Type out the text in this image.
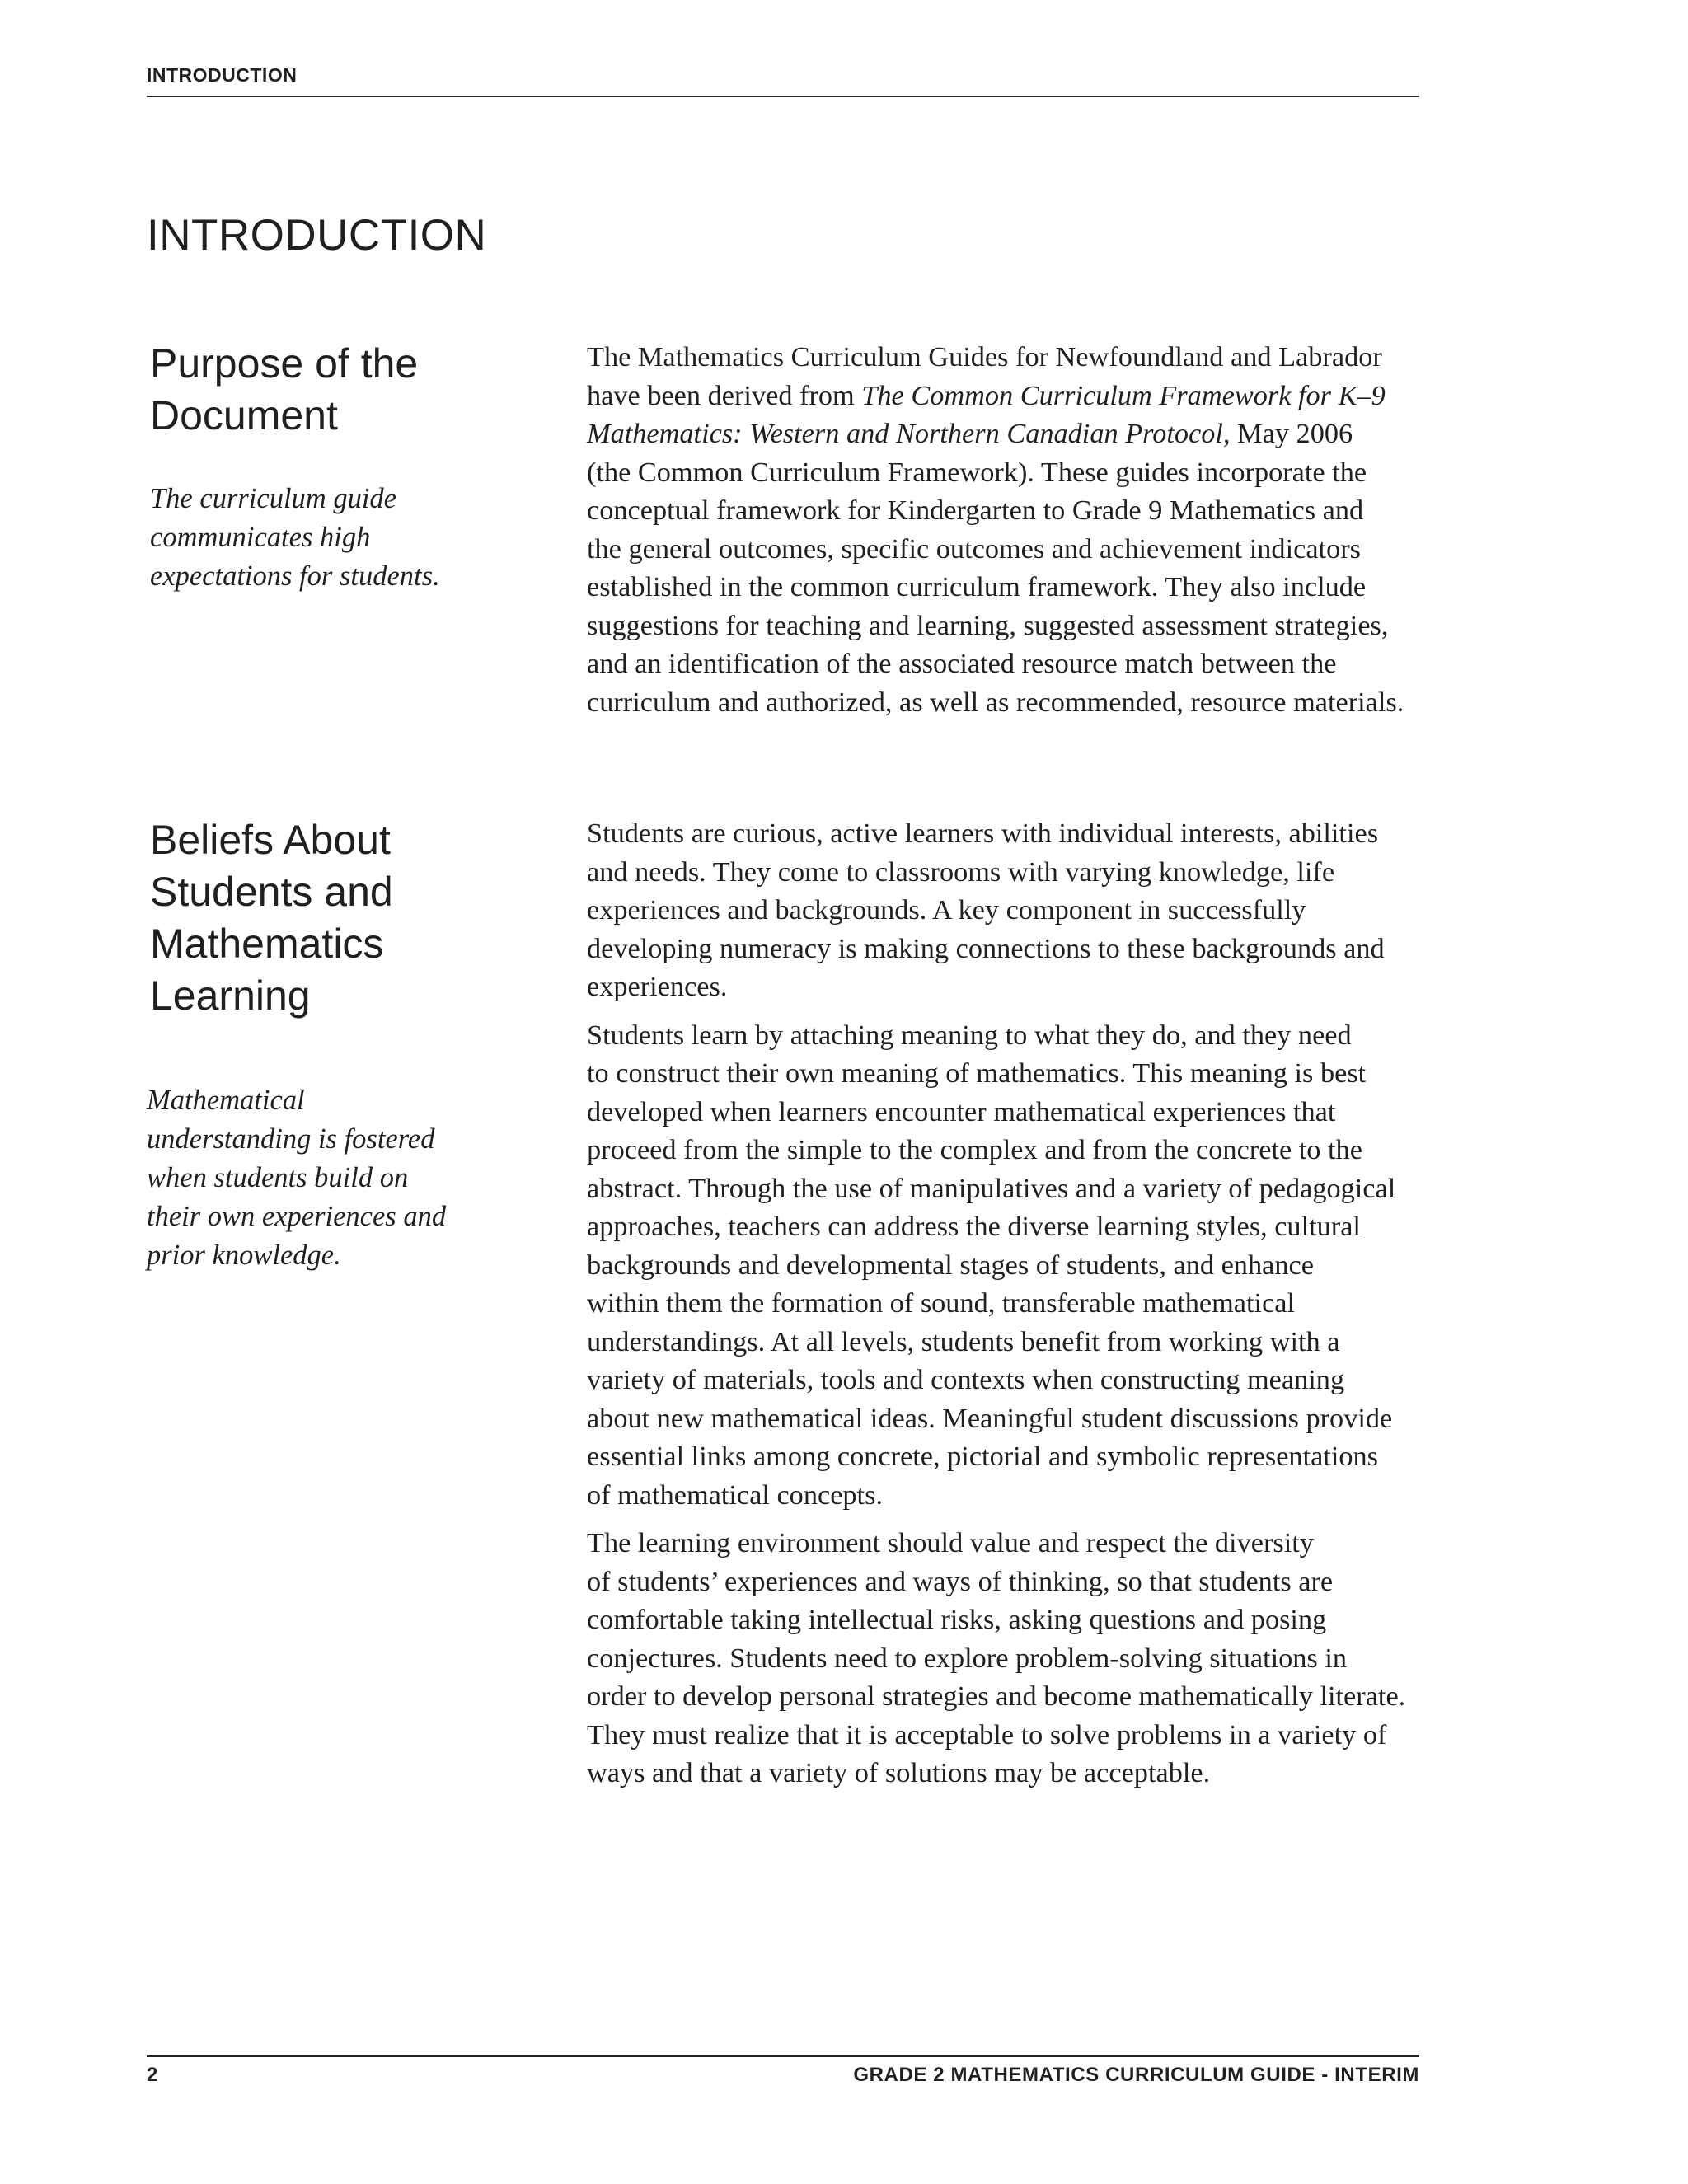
INTRODUCTION
INTRODUCTION
Purpose of the
Document

The curriculum guide
communicates high
expectations for students.

The Mathematics Curriculum Guides for Newfoundland and Labrador
have been derived from The Common Curriculum Framework for K–9
Mathematics: Western and Northern Canadian Protocol, May 2006
(the Common Curriculum Framework). These guides incorporate the
conceptual framework for Kindergarten to Grade 9 Mathematics and
the general outcomes, specific outcomes and achievement indicators
established in the common curriculum framework. They also include
suggestions for teaching and learning, suggested assessment strategies,
and an identification of the associated resource match between the
curriculum and authorized, as well as recommended, resource materials.

Beliefs About
Students and
Mathematics
Learning

Mathematical
understanding is fostered
when students build on
their own experiences and
prior knowledge.

Students are curious, active learners with individual interests, abilities
and needs. They come to classrooms with varying knowledge, life
experiences and backgrounds. A key component in successfully
developing numeracy is making connections to these backgrounds and
experiences.

Students learn by attaching meaning to what they do, and they need
to construct their own meaning of mathematics. This meaning is best
developed when learners encounter mathematical experiences that
proceed from the simple to the complex and from the concrete to the
abstract. Through the use of manipulatives and a variety of pedagogical
approaches, teachers can address the diverse learning styles, cultural
backgrounds and developmental stages of students, and enhance
within them the formation of sound, transferable mathematical
understandings. At all levels, students benefit from working with a
variety of materials, tools and contexts when constructing meaning
about new mathematical ideas. Meaningful student discussions provide
essential links among concrete, pictorial and symbolic representations
of mathematical concepts.

The learning environment should value and respect the diversity
of students’ experiences and ways of thinking, so that students are
comfortable taking intellectual risks, asking questions and posing
conjectures. Students need to explore problem-solving situations in
order to develop personal strategies and become mathematically literate.
They must realize that it is acceptable to solve problems in a variety of
ways and that a variety of solutions may be acceptable.

2	GRADE 2 MATHEMATICS CURRICULUM GUIDE - INTERIM
